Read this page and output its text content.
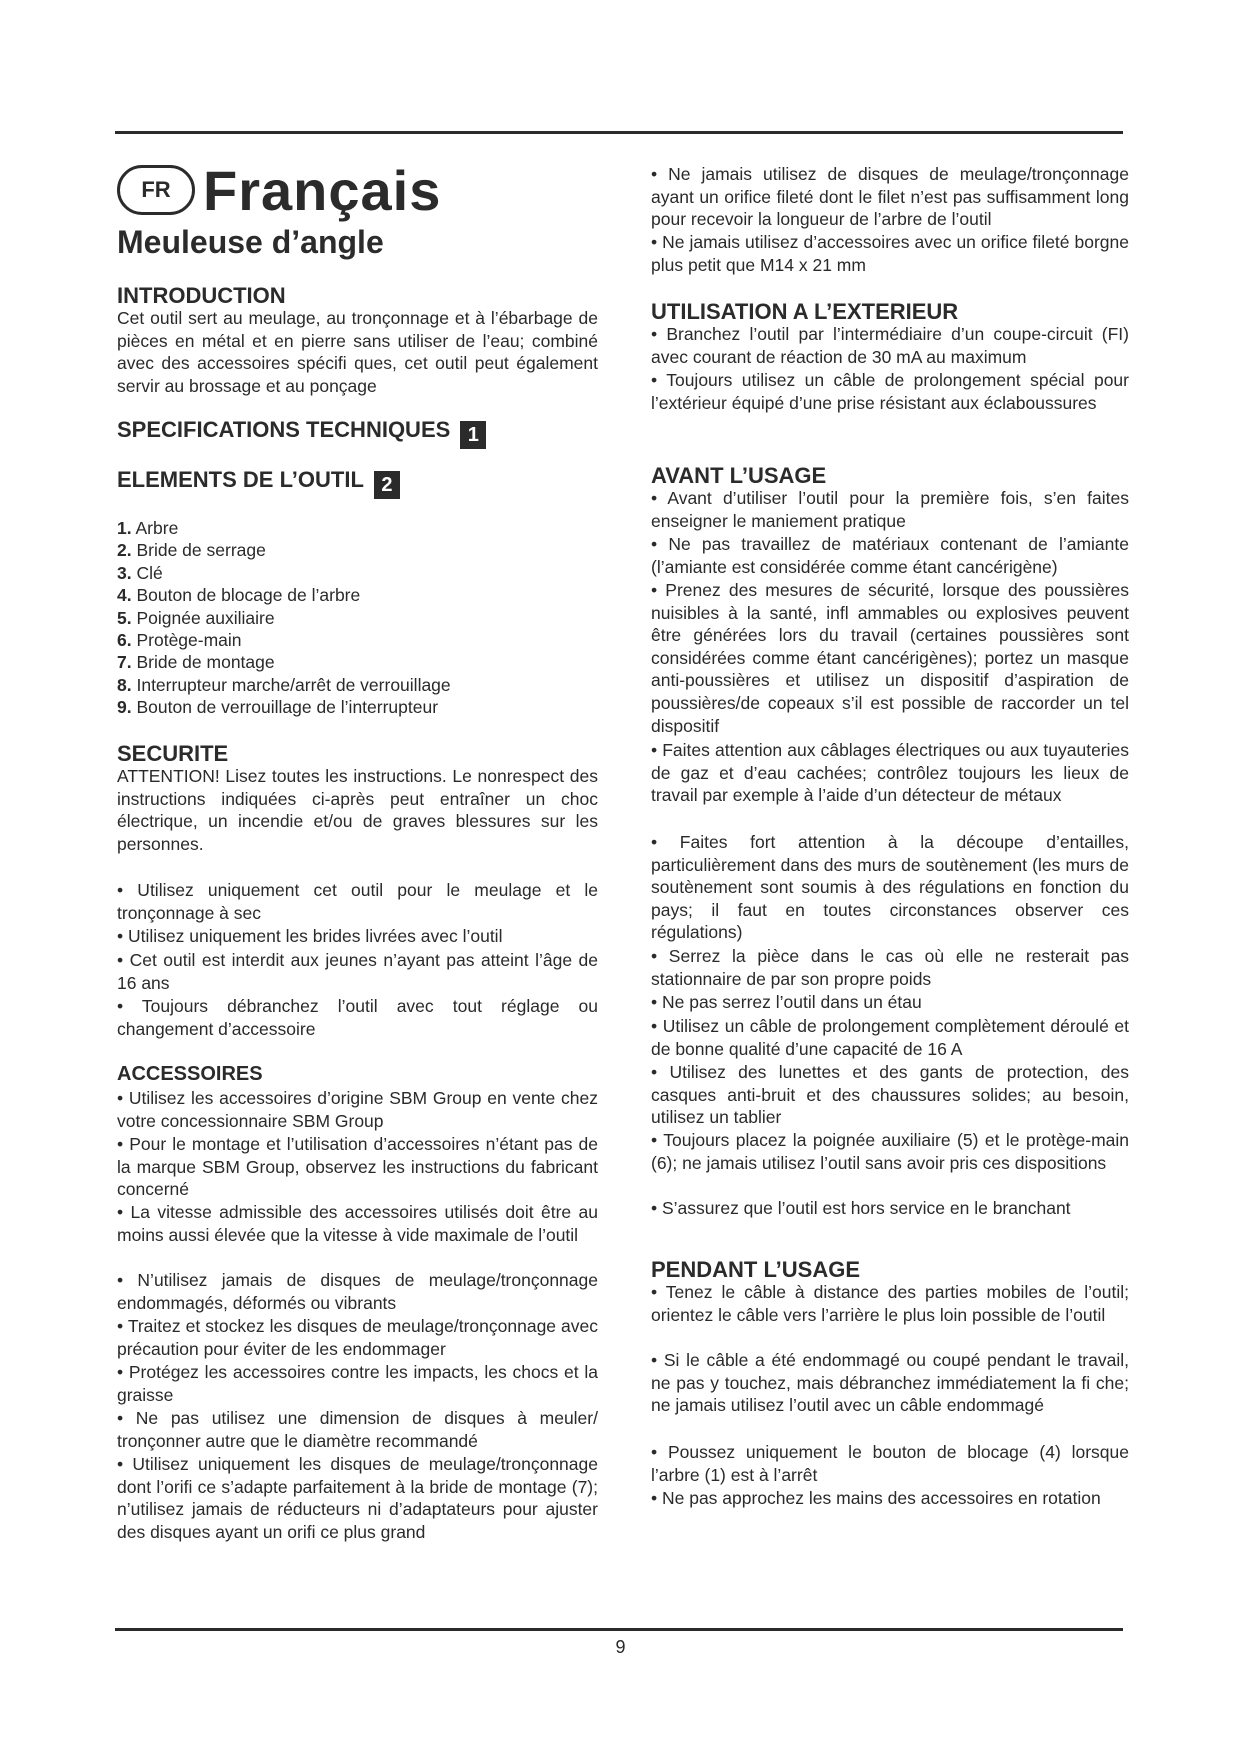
FR Français
Meuleuse d’angle
INTRODUCTION

Cet outil sert au meulage, au tronçonnage et à l’ébarbage de pièces en métal et en pierre sans utiliser de l’eau; combiné avec des accessoires spécifi ques, cet outil peut également servir au brossage et au ponçage

SPECIFICATIONS TECHNIQUES 1
ELEMENTS DE L’OUTIL 2
1. Arbre
2. Bride de serrage
3. Clé
4. Bouton de blocage de l’arbre
5. Poignée auxiliaire
6. Protège-main
7. Bride de montage
8. Interrupteur marche/arrêt de verrouillage
9. Bouton de verrouillage de l’interrupteur
SECURITE

ATTENTION! Lisez toutes les instructions. Le nonrespect des instructions indiquées ci-après peut entraîner un choc électrique, un incendie et/ou de graves blessures sur les personnes.

• Utilisez uniquement cet outil pour le meulage et le tronçonnage à sec

• Utilisez uniquement les brides livrées avec l’outil

• Cet outil est interdit aux jeunes n’ayant pas atteint l’âge de 16 ans

• Toujours débranchez l’outil avec tout réglage ou changement d’accessoire

ACCESSOIRES

• Utilisez les accessoires d’origine SBM Group en vente chez votre concessionnaire SBM Group

• Pour le montage et l’utilisation d’accessoires n’étant pas de la marque SBM Group, observez les instructions du fabricant concerné

• La vitesse admissible des accessoires utilisés doit être au moins aussi élevée que la vitesse à vide maximale de l’outil

• N’utilisez jamais de disques de meulage/tronçonnage endommagés, déformés ou vibrants

• Traitez et stockez les disques de meulage/tronçonnage avec précaution pour éviter de les endommager

• Protégez les accessoires contre les impacts, les chocs et la graisse

• Ne pas utilisez une dimension de disques à meuler/ tronçonner autre que le diamètre recommandé

• Utilisez uniquement les disques de meulage/tronçonnage dont l’orifi ce s’adapte parfaitement à la bride de montage (7); n’utilisez jamais de réducteurs ni d’adaptateurs pour ajuster des disques ayant un orifi ce plus grand

• Ne jamais utilisez de disques de meulage/tronçonnage ayant un orifice fileté dont le filet n’est pas suffisamment long pour recevoir la longueur de l’arbre de l’outil

• Ne jamais utilisez d’accessoires avec un orifice fileté borgne plus petit que M14 x 21 mm

UTILISATION A L’EXTERIEUR

• Branchez l’outil par l’intermédiaire d’un coupe-circuit (FI) avec courant de réaction de 30 mA au maximum

• Toujours utilisez un câble de prolongement spécial pour l’extérieur équipé d’une prise résistant aux éclaboussures

AVANT L’USAGE

• Avant d’utiliser l’outil pour la première fois, s’en faites enseigner le maniement pratique

• Ne pas travaillez de matériaux contenant de l’amiante (l’amiante est considérée comme étant cancérigène)

• Prenez des mesures de sécurité, lorsque des poussières nuisibles à la santé, infl ammables ou explosives peuvent être générées lors du travail (certaines poussières sont considérées comme étant cancérigènes); portez un masque anti-poussières et utilisez un dispositif d’aspiration de poussières/de copeaux s’il est possible de raccorder un tel dispositif

• Faites attention aux câblages électriques ou aux tuyauteries de gaz et d’eau cachées; contrôlez toujours les lieux de travail par exemple à l’aide d’un détecteur de métaux

• Faites fort attention à la découpe d’entailles, particulièrement dans des murs de soutènement (les murs de soutènement sont soumis à des régulations en fonction du pays; il faut en toutes circonstances observer ces régulations)

• Serrez la pièce dans le cas où elle ne resterait pas stationnaire de par son propre poids

• Ne pas serrez l’outil dans un étau

• Utilisez un câble de prolongement complètement déroulé et de bonne qualité d’une capacité de 16 A

• Utilisez des lunettes et des gants de protection, des casques anti-bruit et des chaussures solides; au besoin, utilisez un tablier

• Toujours placez la poignée auxiliaire (5) et le protège-main (6); ne jamais utilisez l’outil sans avoir pris ces dispositions

• S’assurez que l’outil est hors service en le branchant

PENDANT L’USAGE

• Tenez le câble à distance des parties mobiles de l’outil; orientez le câble vers l’arrière le plus loin possible de l’outil

• Si le câble a été endommagé ou coupé pendant le travail, ne pas y touchez, mais débranchez immédiatement la fi che; ne jamais utilisez l’outil avec un câble endommagé

• Poussez uniquement le bouton de blocage (4) lorsque l’arbre (1) est à l’arrêt

• Ne pas approchez les mains des accessoires en rotation

9
